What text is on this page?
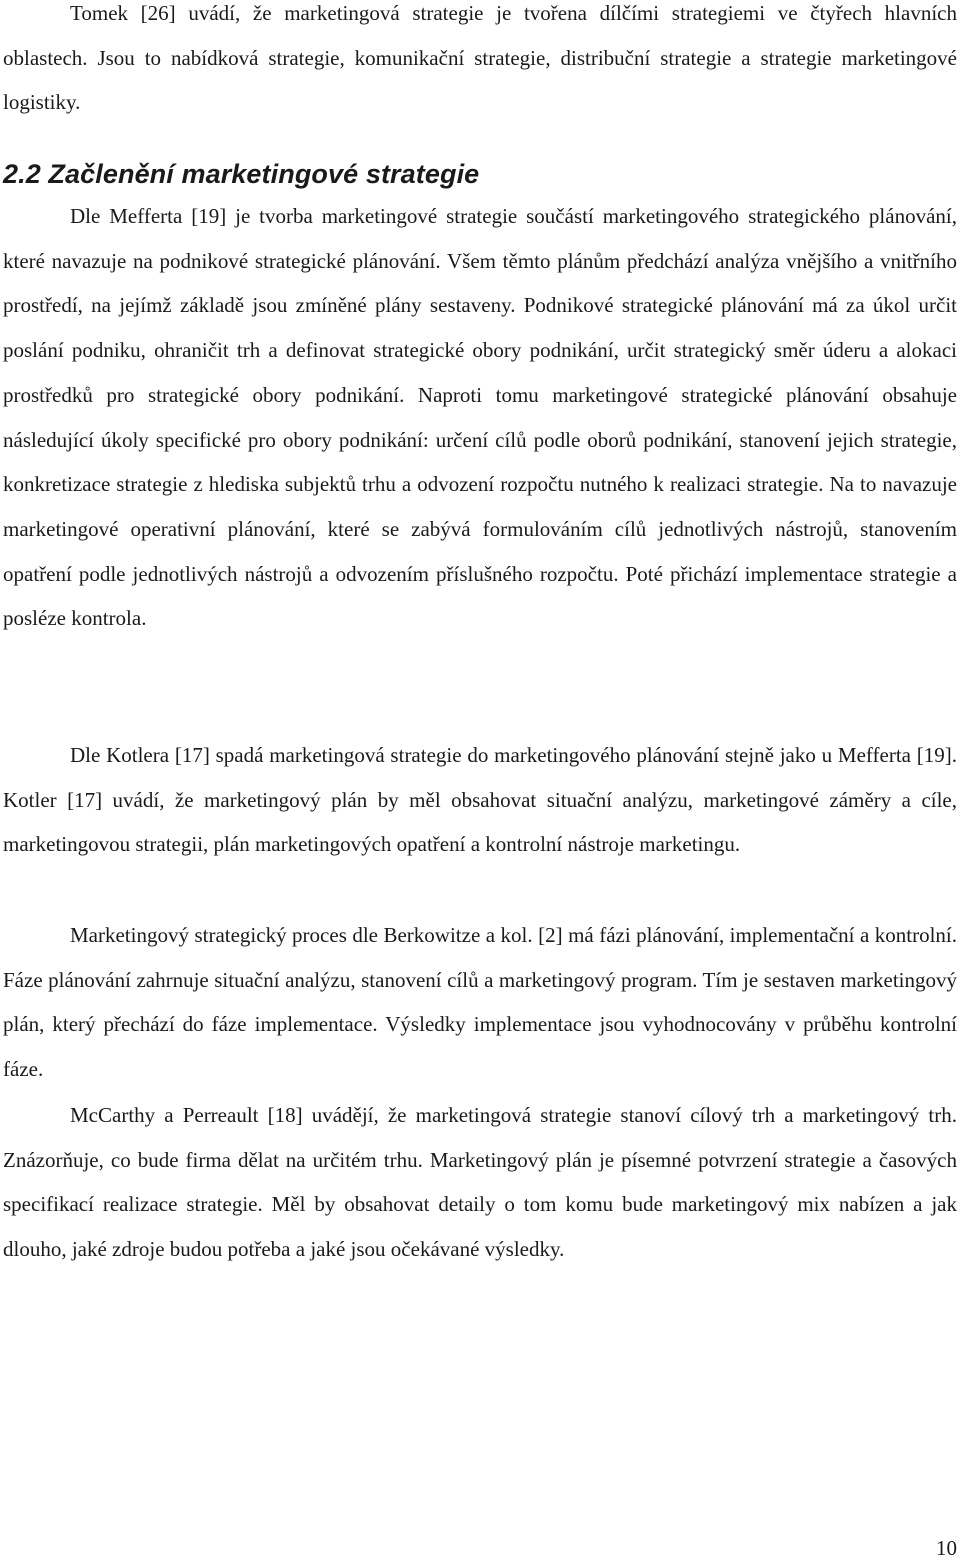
Tomek [26] uvádí, že marketingová strategie je tvořena dílčími strategiemi ve čtyřech hlavních oblastech. Jsou to nabídková strategie, komunikační strategie, distribuční strategie a strategie marketingové logistiky.

2.2 Začlenění marketingové strategie

Dle Mefferta [19] je tvorba marketingové strategie součástí marketingového strategického plánování, které navazuje na podnikové strategické plánování. Všem těmto plánům předchází analýza vnějšího a vnitřního prostředí, na jejímž základě jsou zmíněné plány sestaveny. Podnikové strategické plánování má za úkol určit poslání podniku, ohraničit trh a definovat strategické obory podnikání, určit strategický směr úderu a alokaci prostředků pro strategické obory podnikání. Naproti tomu marketingové strategické plánování obsahuje následující úkoly specifické pro obory podnikání: určení cílů podle oborů podnikání, stanovení jejich strategie, konkretizace strategie z hlediska subjektů trhu a odvození rozpočtu nutného k realizaci strategie. Na to navazuje marketingové operativní plánování, které se zabývá formulováním cílů jednotlivých nástrojů, stanovením opatření podle jednotlivých nástrojů a odvozením příslušného rozpočtu. Poté přichází implementace strategie a posléze kontrola.

Dle Kotlera [17] spadá marketingová strategie do marketingového plánování stejně jako u Mefferta [19]. Kotler [17] uvádí, že marketingový plán by měl obsahovat situační analýzu, marketingové záměry a cíle, marketingovou strategii, plán marketingových opatření a kontrolní nástroje marketingu.

Marketingový strategický proces dle Berkowitze a kol. [2] má fázi plánování, implementační a kontrolní. Fáze plánování zahrnuje situační analýzu, stanovení cílů a marketingový program. Tím je sestaven marketingový plán, který přechází do fáze implementace. Výsledky implementace jsou vyhodnocovány v průběhu kontrolní fáze.

McCarthy a Perreault [18] uvádějí, že marketingová strategie stanoví cílový trh a marketingový trh. Znázorňuje, co bude firma dělat na určitém trhu. Marketingový plán je písemné potvrzení strategie a časových specifikací realizace strategie. Měl by obsahovat detaily o tom komu bude marketingový mix nabízen a jak dlouho, jaké zdroje budou potřeba a jaké jsou očekávané výsledky.

10
